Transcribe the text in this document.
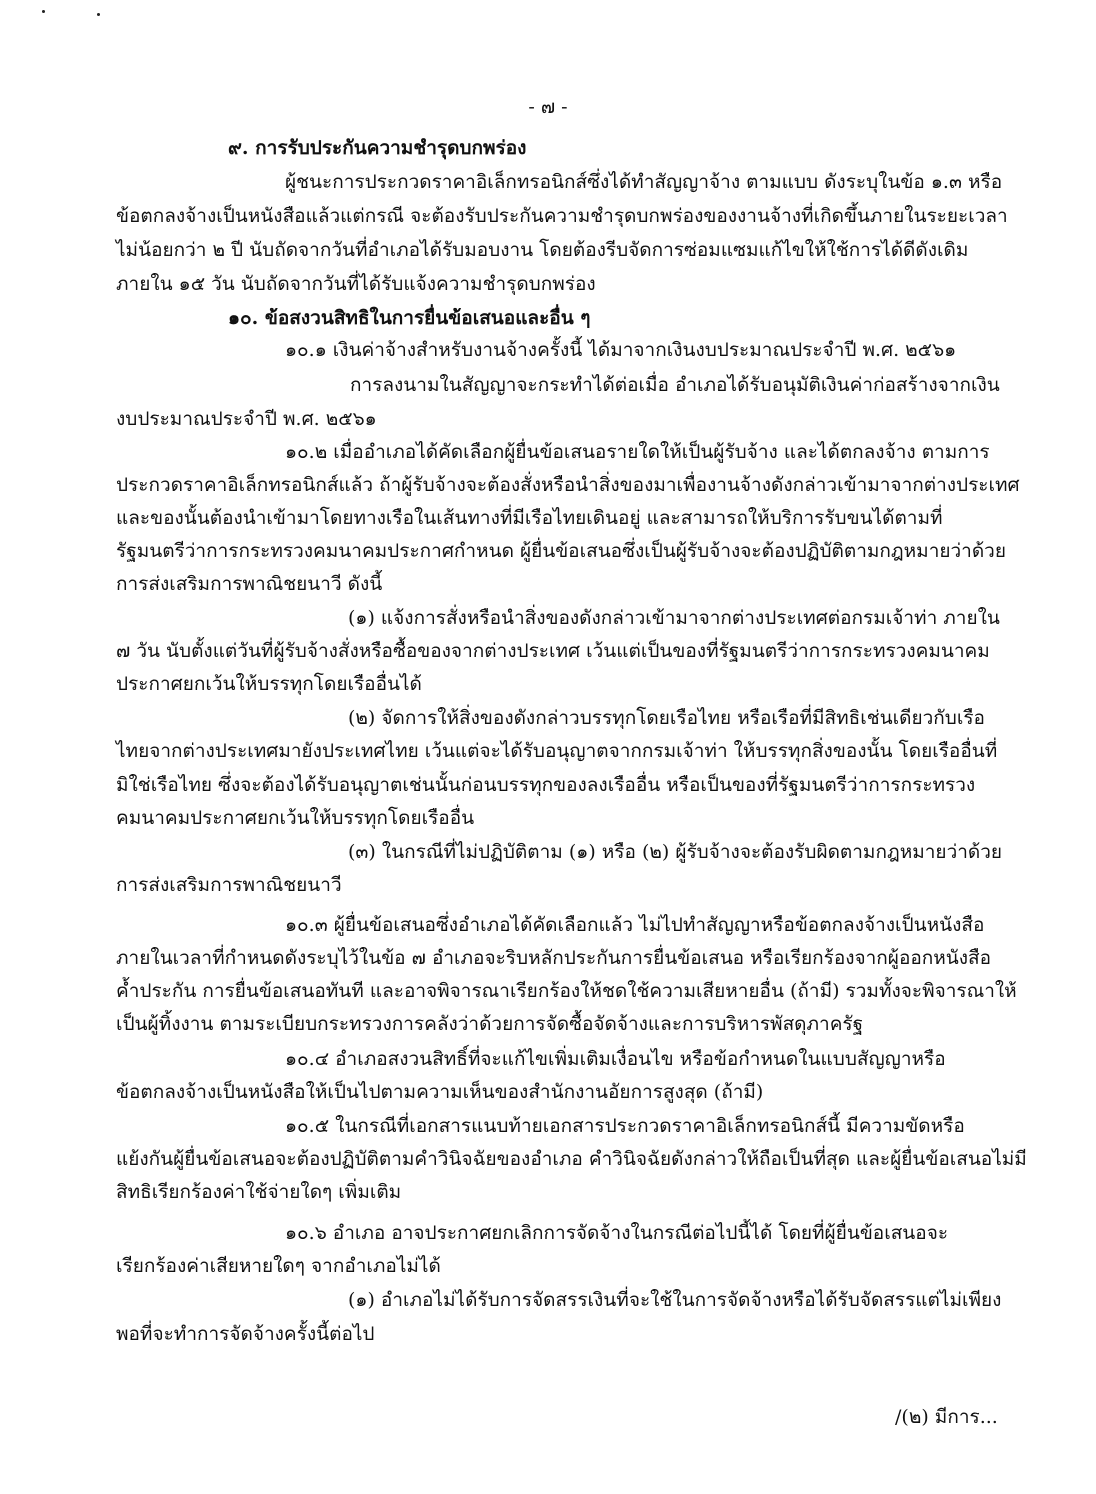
- ๗ -
๙. การรับประกันความชำรุดบกพร่อง
ผู้ชนะการประกวดราคาอิเล็กทรอนิกส์ซึ่งได้ทำสัญญาจ้าง ตามแบบ ดังระบุในข้อ ๑.๓ หรือ
ข้อตกลงจ้างเป็นหนังสือแล้วแต่กรณี จะต้องรับประกันความชำรุดบกพร่องของงานจ้างที่เกิดขึ้นภายในระยะเวลา
ไม่น้อยกว่า ๒ ปี นับถัดจากวันที่อำเภอได้รับมอบงาน โดยต้องรีบจัดการซ่อมแซมแก้ไขให้ใช้การได้ดีดังเดิม
ภายใน ๑๕ วัน นับถัดจากวันที่ได้รับแจ้งความชำรุดบกพร่อง
๑๐. ข้อสงวนสิทธิในการยื่นข้อเสนอและอื่น ๆ
๑๐.๑ เงินค่าจ้างสำหรับงานจ้างครั้งนี้ ได้มาจากเงินงบประมาณประจำปี พ.ศ. ๒๕๖๑
การลงนามในสัญญาจะกระทำได้ต่อเมื่อ อำเภอได้รับอนุมัติเงินค่าก่อสร้างจากเงิน
งบประมาณประจำปี พ.ศ. ๒๕๖๑
๑๐.๒ เมื่ออำเภอได้คัดเลือกผู้ยื่นข้อเสนอรายใดให้เป็นผู้รับจ้าง และได้ตกลงจ้าง ตามการ
ประกวดราคาอิเล็กทรอนิกส์แล้ว ถ้าผู้รับจ้างจะต้องสั่งหรือนำสิ่งของมาเพื่องานจ้างดังกล่าวเข้ามาจากต่างประเทศ
และของนั้นต้องนำเข้ามาโดยทางเรือในเส้นทางที่มีเรือไทยเดินอยู่ และสามารถให้บริการรับขนได้ตามที่
รัฐมนตรีว่าการกระทรวงคมนาคมประกาศกำหนด ผู้ยื่นข้อเสนอซึ่งเป็นผู้รับจ้างจะต้องปฏิบัติตามกฎหมายว่าด้วย
การส่งเสริมการพาณิชยนาวี ดังนี้
(๑) แจ้งการสั่งหรือนำสิ่งของดังกล่าวเข้ามาจากต่างประเทศต่อกรมเจ้าท่า ภายใน
๗ วัน นับตั้งแต่วันที่ผู้รับจ้างสั่งหรือซื้อของจากต่างประเทศ เว้นแต่เป็นของที่รัฐมนตรีว่าการกระทรวงคมนาคม
ประกาศยกเว้นให้บรรทุกโดยเรืออื่นได้
(๒) จัดการให้สิ่งของดังกล่าวบรรทุกโดยเรือไทย หรือเรือที่มีสิทธิเช่นเดียวกับเรือ
ไทยจากต่างประเทศมายังประเทศไทย เว้นแต่จะได้รับอนุญาตจากกรมเจ้าท่า ให้บรรทุกสิ่งของนั้น โดยเรืออื่นที่
มิใช่เรือไทย ซึ่งจะต้องได้รับอนุญาตเช่นนั้นก่อนบรรทุกของลงเรืออื่น หรือเป็นของที่รัฐมนตรีว่าการกระทรวง
คมนาคมประกาศยกเว้นให้บรรทุกโดยเรืออื่น
(๓) ในกรณีที่ไม่ปฏิบัติตาม (๑) หรือ (๒) ผู้รับจ้างจะต้องรับผิดตามกฎหมายว่าด้วย
การส่งเสริมการพาณิชยนาวี
๑๐.๓ ผู้ยื่นข้อเสนอซึ่งอำเภอได้คัดเลือกแล้ว ไม่ไปทำสัญญาหรือข้อตกลงจ้างเป็นหนังสือ
ภายในเวลาที่กำหนดดังระบุไว้ในข้อ ๗ อำเภอจะริบหลักประกันการยื่นข้อเสนอ หรือเรียกร้องจากผู้ออกหนังสือ
ค้ำประกัน การยื่นข้อเสนอทันที และอาจพิจารณาเรียกร้องให้ชดใช้ความเสียหายอื่น (ถ้ามี) รวมทั้งจะพิจารณาให้
เป็นผู้ทิ้งงาน ตามระเบียบกระทรวงการคลังว่าด้วยการจัดซื้อจัดจ้างและการบริหารพัสดุภาครัฐ
๑๐.๔ อำเภอสงวนสิทธิ์ที่จะแก้ไขเพิ่มเติมเงื่อนไข หรือข้อกำหนดในแบบสัญญาหรือ
ข้อตกลงจ้างเป็นหนังสือให้เป็นไปตามความเห็นของสำนักงานอัยการสูงสุด (ถ้ามี)
๑๐.๕ ในกรณีที่เอกสารแนบท้ายเอกสารประกวดราคาอิเล็กทรอนิกส์นี้ มีความขัดหรือ
แย้งกันผู้ยื่นข้อเสนอจะต้องปฏิบัติตามคำวินิจฉัยของอำเภอ คำวินิจฉัยดังกล่าวให้ถือเป็นที่สุด และผู้ยื่นข้อเสนอไม่มี
สิทธิเรียกร้องค่าใช้จ่ายใดๆ เพิ่มเติม
๑๐.๖ อำเภอ อาจประกาศยกเลิกการจัดจ้างในกรณีต่อไปนี้ได้ โดยที่ผู้ยื่นข้อเสนอจะ
เรียกร้องค่าเสียหายใดๆ จากอำเภอไม่ได้
(๑) อำเภอไม่ได้รับการจัดสรรเงินที่จะใช้ในการจัดจ้างหรือได้รับจัดสรรแต่ไม่เพียง
พอที่จะทำการจัดจ้างครั้งนี้ต่อไป
/(๒) มีการ...
